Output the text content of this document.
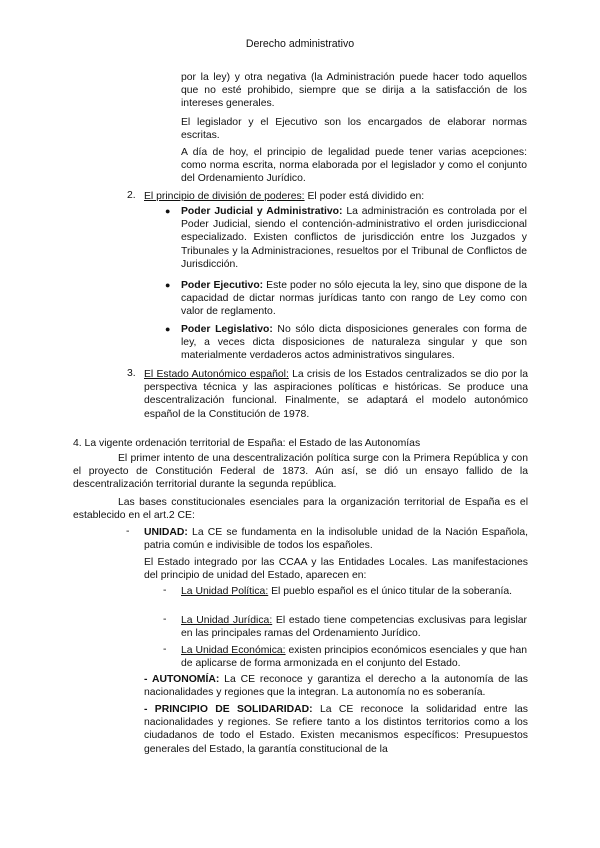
Derecho administrativo

por la ley) y otra negativa (la Administración puede hacer todo aquellos que no esté prohibido, siempre que se dirija a la satisfacción de los intereses generales.

El legislador y el Ejecutivo son los encargados de elaborar normas escritas.

A día de hoy, el principio de legalidad puede tener varias acepciones: como norma escrita, norma elaborada por el legislador y como el conjunto del Ordenamiento Jurídico.

2. El principio de división de poderes: El poder está dividido en:

● Poder Judicial y Administrativo: La administración es controlada por el Poder Judicial, siendo el contención-administrativo el orden jurisdiccional especializado. Existen conflictos de jurisdicción entre los Juzgados y Tribunales y la Administraciones, resueltos por el Tribunal de Conflictos de Jurisdicción.

● Poder Ejecutivo: Este poder no sólo ejecuta la ley, sino que dispone de la capacidad de dictar normas jurídicas tanto con rango de Ley como con valor de reglamento.

● Poder Legislativo: No sólo dicta disposiciones generales con forma de ley, a veces dicta disposiciones de naturaleza singular y que son materialmente verdaderos actos administrativos singulares.

3. El Estado Autonómico español: La crisis de los Estados centralizados se dio por la perspectiva técnica y las aspiraciones políticas e históricas. Se produce una descentralización funcional. Finalmente, se adaptará el modelo autonómico español de la Constitución de 1978.

4. La vigente ordenación territorial de España: el Estado de las Autonomías

El primer intento de una descentralización política surge con la Primera República y con el proyecto de Constitución Federal de 1873. Aún así, se dió un ensayo fallido de la descentralización territorial durante la segunda república.

Las bases constitucionales esenciales para la organización territorial de España es el establecido en el art.2 CE:

- UNIDAD: La CE se fundamenta en la indisoluble unidad de la Nación Española, patria común e indivisible de todos los españoles.

El Estado integrado por las CCAA y las Entidades Locales. Las manifestaciones del principio de unidad del Estado, aparecen en:

- La Unidad Política: El pueblo español es el único titular de la soberanía.

- La Unidad Jurídica: El estado tiene competencias exclusivas para legislar en las principales ramas del Ordenamiento Jurídico.

- La Unidad Económica: existen principios económicos esenciales y que han de aplicarse de forma armonizada en el conjunto del Estado.

- AUTONOMÍA: La CE reconoce y garantiza el derecho a la autonomía de las nacionalidades y regiones que la integran. La autonomía no es soberanía.

- PRINCIPIO DE SOLIDARIDAD: La CE reconoce la solidaridad entre las nacionalidades y regiones. Se refiere tanto a los distintos territorios como a los ciudadanos de todo el Estado. Existen mecanismos específicos: Presupuestos generales del Estado, la garantía constitucional de la
